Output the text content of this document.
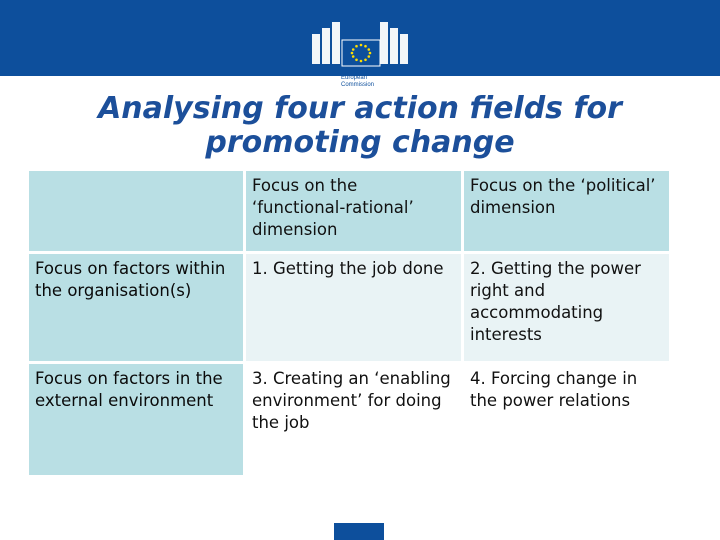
European
Commission
Analysing four action fields for promoting change
	Focus on the ‘functional-rational’ dimension	Focus on the ‘political’ dimension
Focus on factors within the organisation(s)	1. Getting the job done	2. Getting the power right and accommodating interests
Focus on factors in the external environment	3. Creating an ‘enabling environment’ for doing the job	4. Forcing change in the power relations
